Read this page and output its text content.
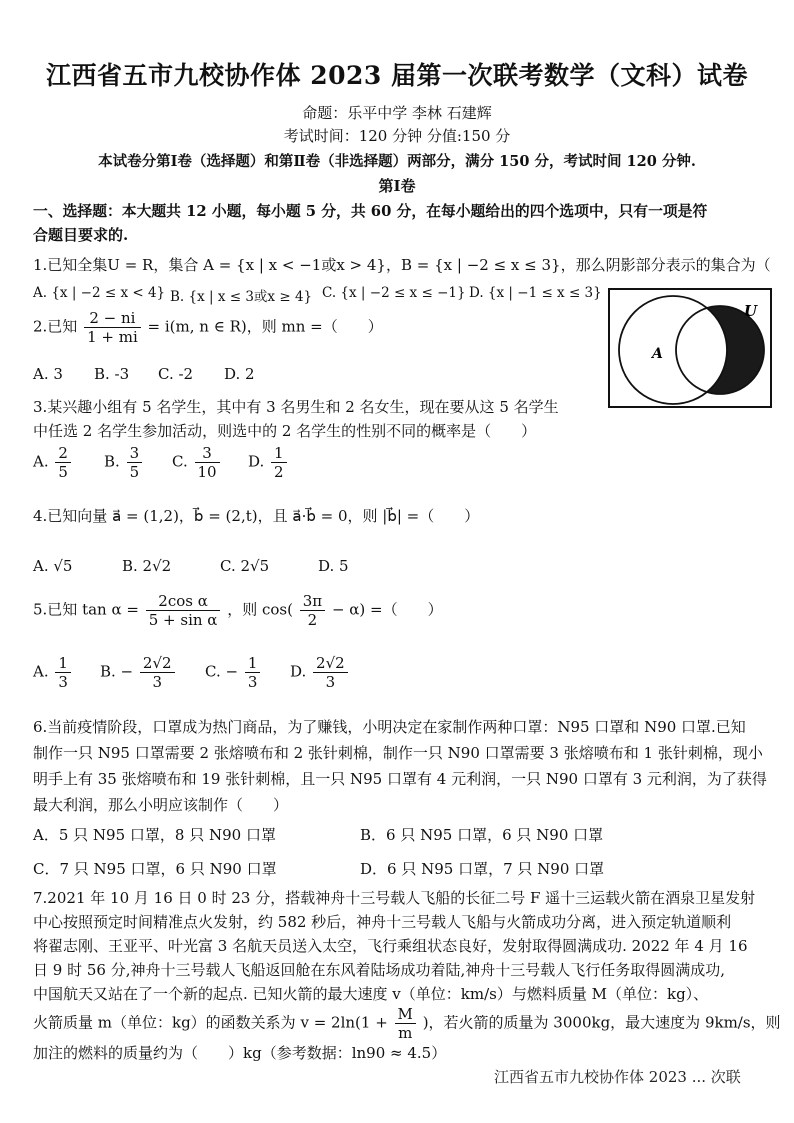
江西省五市九校协作体 2023 届第一次联考数学（文科）试卷
命题：乐平中学 李林 石建辉
考试时间：120 分钟 分值:150 分
本试卷分第Ⅰ卷（选择题）和第Ⅱ卷（非选择题）两部分，满分 150 分，考试时间 120 分钟.
第Ⅰ卷
一、选择题：本大题共 12 小题，每小题 5 分，共 60 分，在每小题给出的四个选项中，只有一项是符
合题目要求的.
1.已知全集U = R，集合 A = {x | x < −1或x > 4}，B = {x | −2 ≤ x ≤ 3}，那么阴影部分表示的集合为（
A. {x | −2 ≤ x < 4} B. {x | x ≤ 3或x ≥ 4} C. {x | −2 ≤ x ≤ −1} D. {x | −1 ≤ x ≤ 3}
U
A
2.已知 $\frac{2 - ni}{1 + mi} = i(m$, n ∈ R)，则 mn =（　　）
A. 3 B. -3 C. -2 D. 2
3.某兴趣小组有 5 名学生，其中有 3 名男生和 2 名女生，现在要从这 5 名学生
中任选 2 名学生参加活动，则选中的 2 名学生的性别不同的概率是（　　）
A. $\frac{2}{5} B$. $\frac{3}{5} C$. $\frac{3}{10} D$. $\frac{1}{2}$
4.已知向量 a⃗ = (1,2)，b⃗ = (2,t)，且 a⃗·b⃗ = 0，则 |b⃗| =（　　）
A. √5	B. 2√2	C. 2√5	D. 5
5.已知 $\tan \alpha = \frac{\text{2cos α}}{\text{5 + sin α}}$ ，则 $\cos( \frac{3\pi}{2} - \alpha)$ =（　　）
A. $\frac{1}{3} B$. − $\frac{2√2}{3} C$. − $\frac{1}{3} D$. $\frac{2√2}{3}$
6.当前疫情阶段，口罩成为热门商品，为了赚钱，小明决定在家制作两种口罩：N95 口罩和 N90 口罩.已知
制作一只 N95 口罩需要 2 张熔喷布和 2 张针刺棉，制作一只 N90 口罩需要 3 张熔喷布和 1 张针刺棉，现小
明手上有 35 张熔喷布和 19 张针刺棉，且一只 N95 口罩有 4 元利润，一只 N90 口罩有 3 元利润，为了获得
最大利润，那么小明应该制作（　　）
A．5 只 N95 口罩，8 只 N90 口罩	B．6 只 N95 口罩，6 只 N90 口罩
C．7 只 N95 口罩，6 只 N90 口罩	D．6 只 N95 口罩，7 只 N90 口罩
7.2021 年 10 月 16 日 0 时 23 分，搭载神舟十三号载人飞船的长征二号 F 遥十三运载火箭在酒泉卫星发射
中心按照预定时间精准点火发射，约 582 秒后，神舟十三号载人飞船与火箭成功分离，进入预定轨道顺利
将翟志刚、王亚平、叶光富 3 名航天员送入太空，飞行乘组状态良好，发射取得圆满成功. 2022 年 4 月 16
日 9 时 56 分,神舟十三号载人飞船返回舱在东风着陆场成功着陆,神舟十三号载人飞行任务取得圆满成功,
中国航天又站在了一个新的起点. 已知火箭的最大速度 v（单位：km/s）与燃料质量 M（单位：kg）、
火箭质量 m（单位：kg）的函数关系为 $v = 2\ln(1 + \frac{M}{m}$ )，若火箭的质量为 3000kg，最大速度为 9km/s，则
加注的燃料的质量约为（　　）kg（参考数据：ln90 ≈ 4.5）
江西省五市九校协作体 2023 ... 次联
